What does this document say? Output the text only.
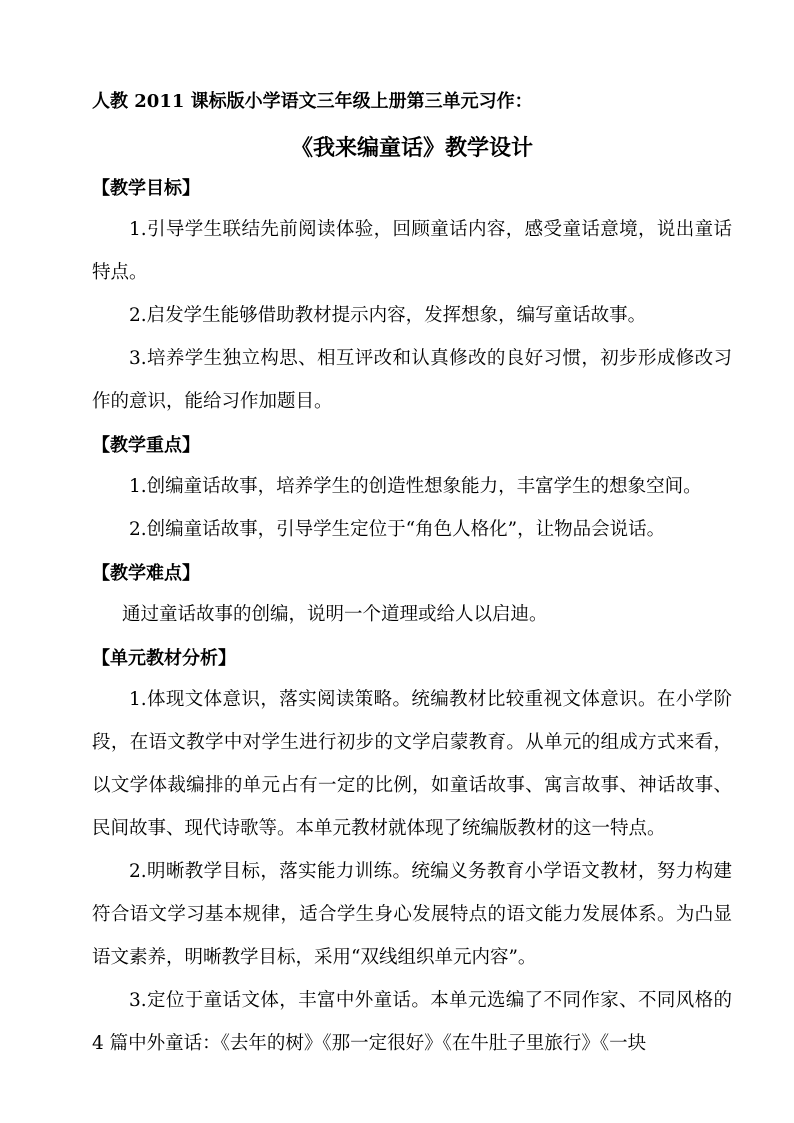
人教 2011 课标版小学语文三年级上册第三单元习作：
《我来编童话》教学设计
【教学目标】

1.引导学生联结先前阅读体验，回顾童话内容，感受童话意境，说出童话特点。

2.启发学生能够借助教材提示内容，发挥想象，编写童话故事。

3.培养学生独立构思、相互评改和认真修改的良好习惯，初步形成修改习作的意识，能给习作加题目。

【教学重点】

1.创编童话故事，培养学生的创造性想象能力，丰富学生的想象空间。

2.创编童话故事，引导学生定位于“角色人格化”，让物品会说话。

【教学难点】

通过童话故事的创编，说明一个道理或给人以启迪。

【单元教材分析】

1.体现文体意识，落实阅读策略。统编教材比较重视文体意识。在小学阶段，在语文教学中对学生进行初步的文学启蒙教育。从单元的组成方式来看，以文学体裁编排的单元占有一定的比例，如童话故事、寓言故事、神话故事、民间故事、现代诗歌等。本单元教材就体现了统编版教材的这一特点。

2.明晰教学目标，落实能力训练。统编义务教育小学语文教材，努力构建符合语文学习基本规律，适合学生身心发展特点的语文能力发展体系。为凸显语文素养，明晰教学目标，采用“双线组织单元内容”。

3.定位于童话文体，丰富中外童话。本单元选编了不同作家、不同风格的 4 篇中外童话：《去年的树》《那一定很好》《在牛肚子里旅行》《一块
